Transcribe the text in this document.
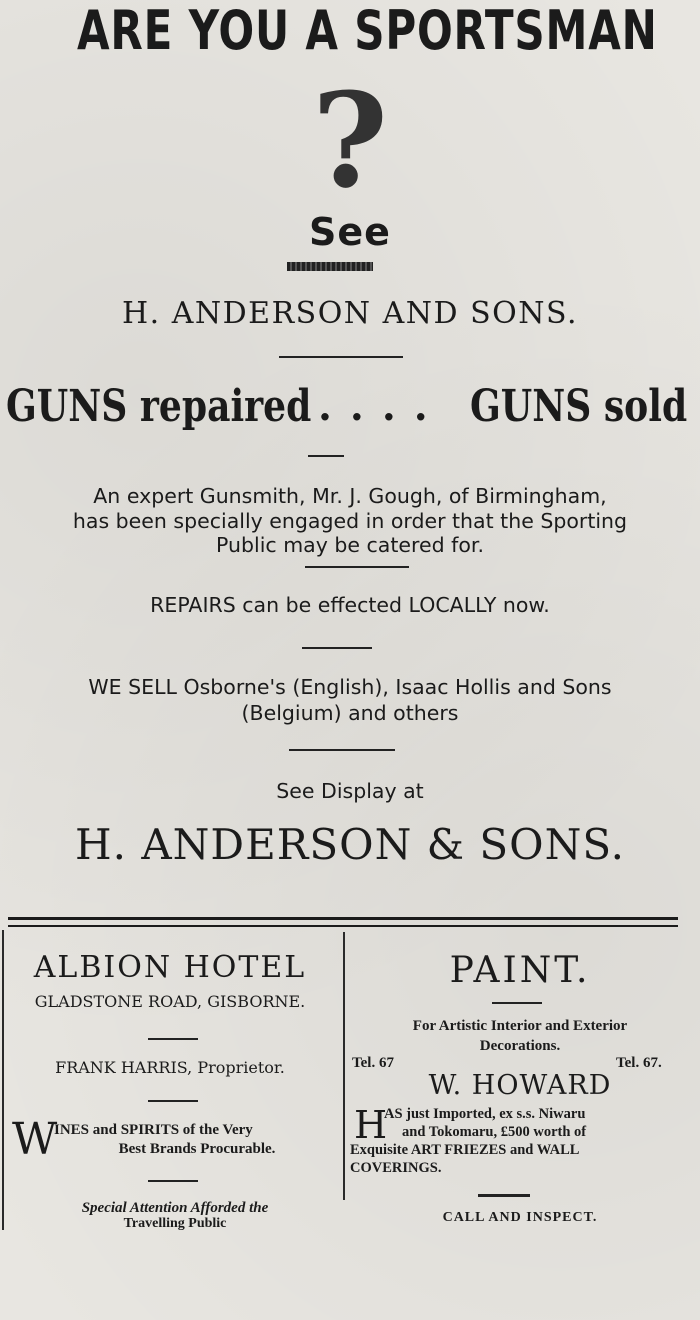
ARE YOU A SPORTSMAN
?
See
H. ANDERSON AND SONS.
GUNS repaired .... GUNS sold
An expert Gunsmith, Mr. J. Gough, of Birmingham,
has been specially engaged in order that the Sporting
Public may be catered for.
REPAIRS can be effected LOCALLY now.
WE SELL Osborne's (English), Isaac Hollis and Sons
(Belgium) and others
See Display at
H. ANDERSON & SONS.
ALBION HOTEL
GLADSTONE ROAD, GISBORNE.
FRANK HARRIS, Proprietor.
W
INES and SPIRITS of the Very
Best Brands Procurable.
Special Attention Afforded the
Travelling Public
PAINT.
For Artistic Interior and Exterior
Decorations.
Tel. 67	Tel. 67.
W. HOWARD
H
AS just Imported, ex s.s. Niwaru
and Tokomaru, £500 worth of
Exquisite ART FRIEZES and WALL
COVERINGS.
CALL AND INSPECT.
